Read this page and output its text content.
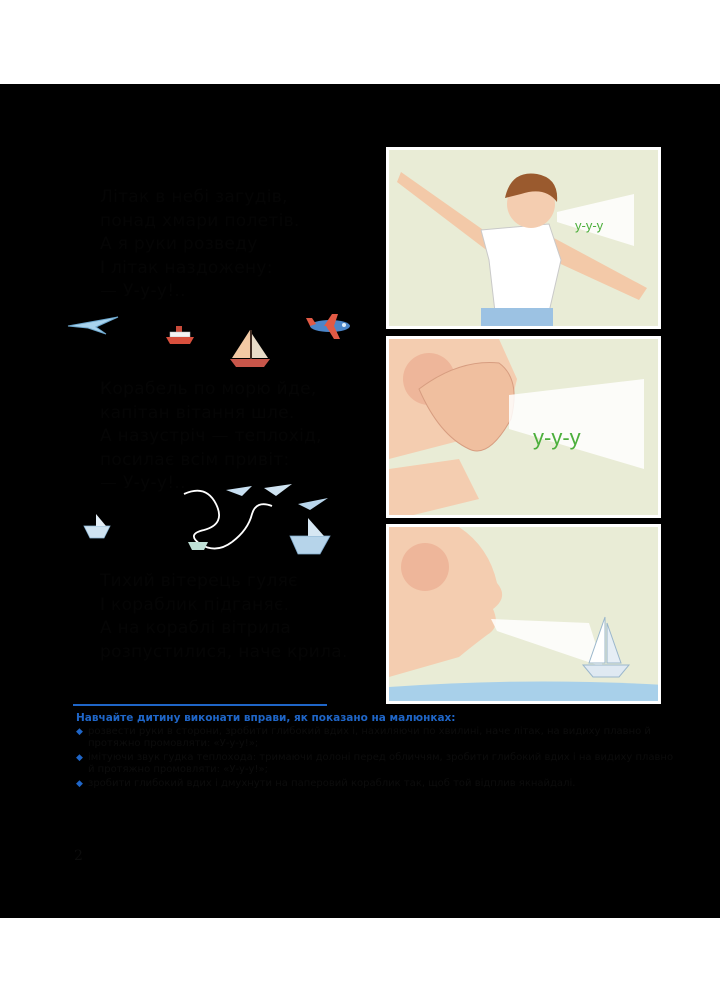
Літак в небі загудів,
понад хмари полетів.
А я руки розведу
І літак наздожену:
— У-у-у!..
Корабель по морю йде,
капітан вітання шле.
А назустріч — теплохід,
посилає всім привіт:
— У-у-у!..
Тихий вітерець гуляє
І кораблик підганяє.
А на кораблі вітрила
розпустилися, наче крила.
у-у-у
у-у-у
Навчайте дитину виконати вправи, як показано на малюнках:
◆ розвести руки в сторони, зробити глибокий вдих і, нахиляючи по хвилині, наче літак, на видиху плавно й протяжно промовляти: «У-у-у!»;
◆ імітуючи звук гудка теплохода: тримаючи долоні перед обличчям, зробити глибокий вдих і на видиху плавно й протяжно промовляти: «У-у-у!»;
◆ зробити глибокий вдих і дмухнути на паперовий кораблик так, щоб той відплив якнайдалі.
2
